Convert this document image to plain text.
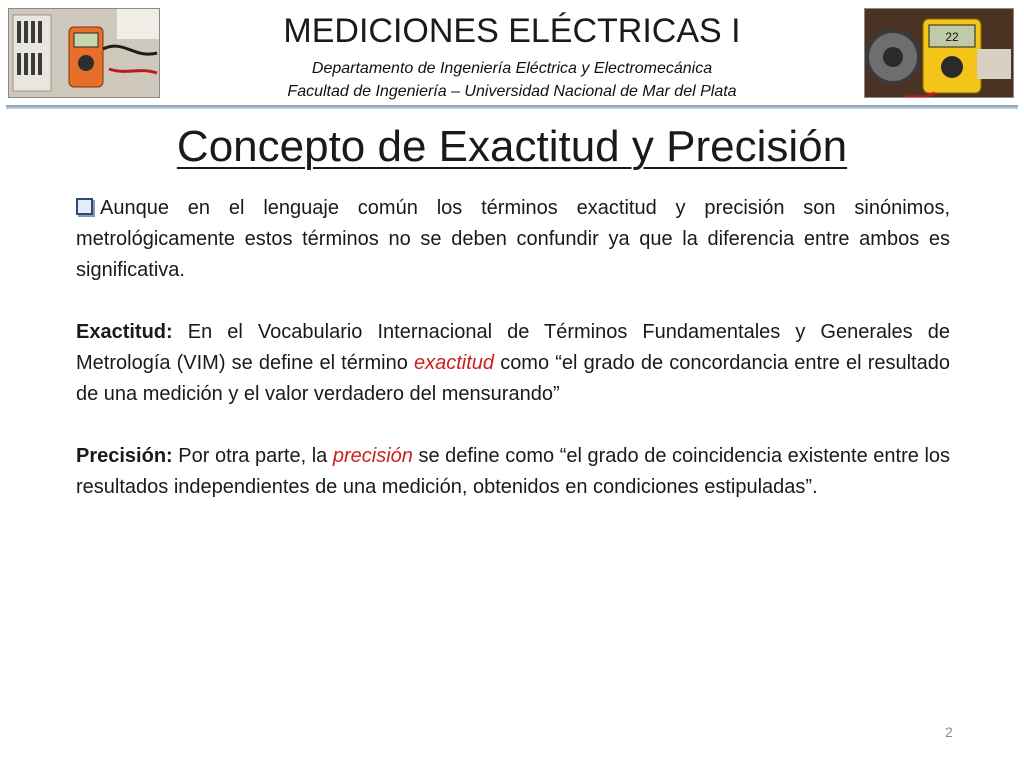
MEDICIONES ELÉCTRICAS I
Departamento de Ingeniería Eléctrica y Electromecánica
Facultad de Ingeniería – Universidad Nacional de Mar del Plata
22
Concepto de Exactitud y Precisión

Aunque en el lenguaje común los términos exactitud y precisión son sinónimos, metrológicamente estos términos no se deben confundir ya que la diferencia entre ambos es significativa.

Exactitud: En el Vocabulario Internacional de Términos Fundamentales y Generales de Metrología (VIM) se define el término exactitud como “el grado de concordancia entre el resultado de una medición y el valor verdadero del mensurando”

Precisión: Por otra parte, la precisión se define como “el grado de coincidencia existente entre los resultados independientes de una medición, obtenidos en condiciones estipuladas”.

2
